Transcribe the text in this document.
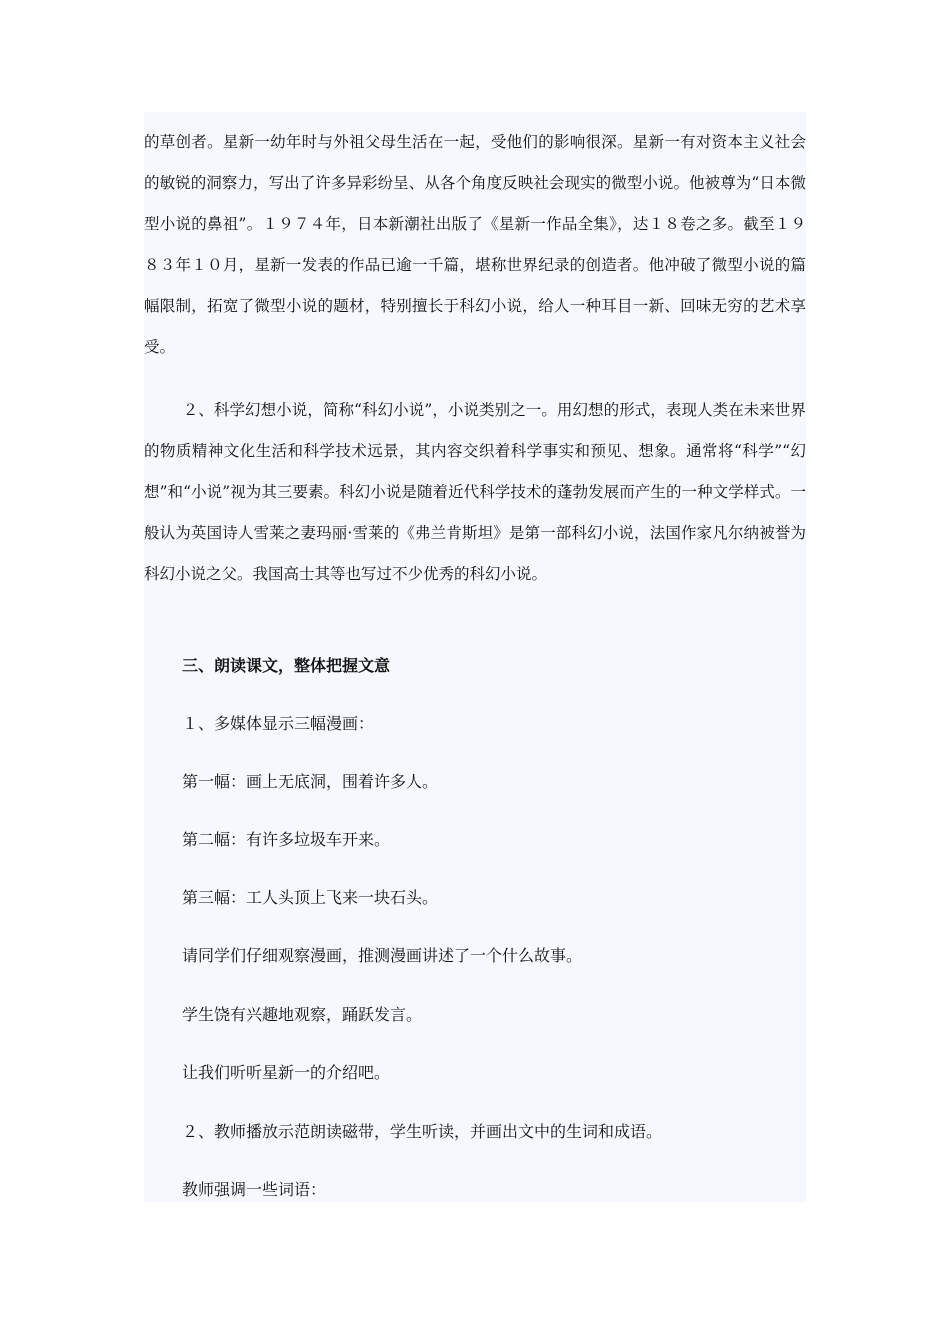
的草创者。星新一幼年时与外祖父母生活在一起，受他们的影响很深。星新一有对资本主义社会的敏锐的洞察力，写出了许多异彩纷呈、从各个角度反映社会现实的微型小说。他被尊为“日本微型小说的鼻祖”。１９７４年，日本新潮社出版了《星新一作品全集》，达１８卷之多。截至１９８３年１０月，星新一发表的作品已逾一千篇，堪称世界纪录的创造者。他冲破了微型小说的篇幅限制，拓宽了微型小说的题材，特别擅长于科幻小说，给人一种耳目一新、回味无穷的艺术享受。

２、科学幻想小说，简称“科幻小说”，小说类别之一。用幻想的形式，表现人类在未来世界的物质精神文化生活和科学技术远景，其内容交织着科学事实和预见、想象。通常将“科学”“幻想”和“小说”视为其三要素。科幻小说是随着近代科学技术的蓬勃发展而产生的一种文学样式。一般认为英国诗人雪莱之妻玛丽·雪莱的《弗兰肯斯坦》是第一部科幻小说，法国作家凡尔纳被誉为科幻小说之父。我国高士其等也写过不少优秀的科幻小说。

三、朗读课文，整体把握文意
１、多媒体显示三幅漫画：
第一幅：画上无底洞，围着许多人。
第二幅：有许多垃圾车开来。
第三幅：工人头顶上飞来一块石头。
请同学们仔细观察漫画，推测漫画讲述了一个什么故事。
学生饶有兴趣地观察，踊跃发言。
让我们听听星新一的介绍吧。
２、教师播放示范朗读磁带，学生听读，并画出文中的生词和成语。
教师强调一些词语：
